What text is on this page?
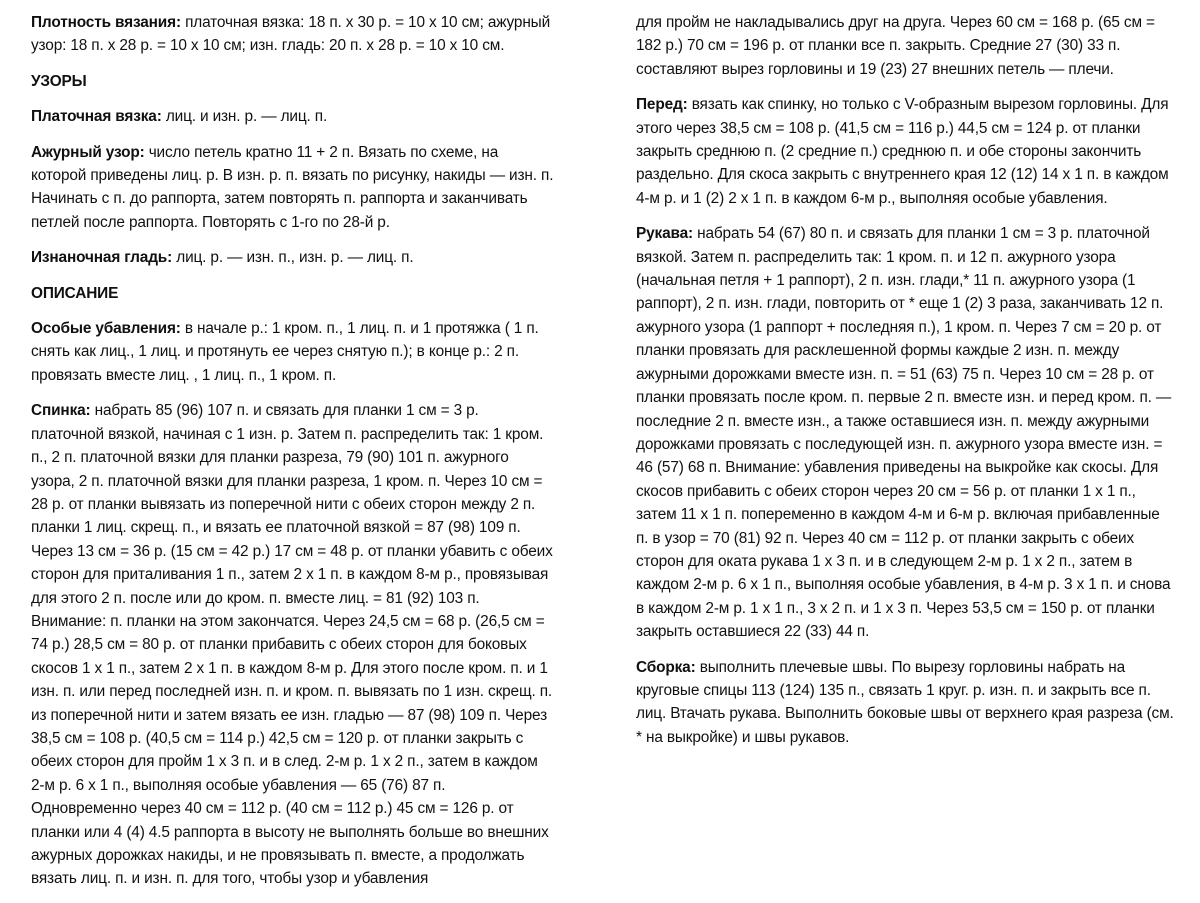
Плотность вязания: платочная вязка: 18 п. х 30 р. = 10 х 10 см; ажурный узор: 18 п. х 28 р. = 10 х 10 см; изн. гладь: 20 п. х 28 р. = 10 х 10 см.

УЗОРЫ

Платочная вязка: лиц. и изн. р. — лиц. п.

Ажурный узор: число петель кратно 11 + 2 п. Вязать по схеме, на которой приведены лиц. р. В изн. р. п. вязать по рисунку, накиды — изн. п. Начинать с п. до раппорта, затем повторять п. раппорта и заканчивать петлей после раппорта. Повторять с 1-го по 28-й р.

Изнаночная гладь: лиц. р. — изн. п., изн. р. — лиц. п.

ОПИСАНИЕ

Особые убавления: в начале р.: 1 кром. п., 1 лиц. п. и 1 протяжка ( 1 п. снять как лиц., 1 лиц. и протянуть ее через снятую п.); в конце р.: 2 п. провязать вместе лиц. , 1 лиц. п., 1 кром. п.

Спинка: набрать 85 (96) 107 п. и связать для планки 1 см = 3 р. платочной вязкой, начиная с 1 изн. р. Затем п. распределить так: 1 кром. п., 2 п. платочной вязки для планки разреза, 79 (90) 101 п. ажурного узора, 2 п. платочной вязки для планки разреза, 1 кром. п. Через 10 см = 28 р. от планки вывязать из поперечной нити с обеих сторон между 2 п. планки 1 лиц. скрещ. п., и вязать ее платочной вязкой = 87 (98) 109 п. Через 13 см = 36 р. (15 см = 42 р.) 17 см = 48 р. от планки убавить с обеих сторон для приталивания 1 п., затем 2 х 1 п. в каждом 8-м р., провязывая для этого 2 п. после или до кром. п. вместе лиц. = 81 (92) 103 п. Внимание: п. планки на этом закончатся. Через 24,5 см = 68 р. (26,5 см = 74 р.) 28,5 см = 80 р. от планки прибавить с обеих сторон для боковых скосов 1 х 1 п., затем 2 х 1 п. в каждом 8-м р. Для этого после кром. п. и 1 изн. п. или перед последней изн. п. и кром. п. вывязать по 1 изн. скрещ. п. из поперечной нити и затем вязать ее изн. гладью — 87 (98) 109 п. Через 38,5 см = 108 р. (40,5 см = 114 р.) 42,5 см = 120 р. от планки закрыть с обеих сторон для пройм 1 х 3 п. и в след. 2-м р. 1 х 2 п., затем в каждом 2-м р. 6 х 1 п., выполняя особые убавления — 65 (76) 87 п. Одновременно через 40 см = 112 р. (40 см = 112 р.) 45 см = 126 р. от планки или 4 (4) 4.5 раппорта в высоту не выполнять больше во внешних ажурных дорожках накиды, и не провязывать п. вместе, а продолжать вязать лиц. п. и изн. п. для того, чтобы узор и убавления

для пройм не накладывались друг на друга. Через 60 см = 168 р. (65 см = 182 р.) 70 см = 196 р. от планки все п. закрыть. Средние 27 (30) 33 п. составляют вырез горловины и 19 (23) 27 внешних петель — плечи.

Перед: вязать как спинку, но только с V-образным вырезом горловины. Для этого через 38,5 см = 108 р. (41,5 см = 116 р.) 44,5 см = 124 р. от планки закрыть среднюю п. (2 средние п.) среднюю п. и обе стороны закончить раздельно. Для скоса закрыть с внутреннего края 12 (12) 14 х 1 п. в каждом 4-м р. и 1 (2) 2 х 1 п. в каждом 6-м р., выполняя особые убавления.

Рукава: набрать 54 (67) 80 п. и связать для планки 1 см = 3 р. платочной вязкой. Затем п. распределить так: 1 кром. п. и 12 п. ажурного узора (начальная петля + 1 раппорт), 2 п. изн. глади,* 11 п. ажурного узора (1 раппорт), 2 п. изн. глади, повторить от * еще 1 (2) 3 раза, заканчивать 12 п. ажурного узора (1 раппорт + последняя п.), 1 кром. п. Через 7 см = 20 р. от планки провязать для расклешенной формы каждые 2 изн. п. между ажурными дорожками вместе изн. п. = 51 (63) 75 п. Через 10 см = 28 р. от планки провязать после кром. п. первые 2 п. вместе изн. и перед кром. п. — последние 2 п. вместе изн., а также оставшиеся изн. п. между ажурными дорожками провязать с последующей изн. п. ажурного узора вместе изн. = 46 (57) 68 п. Внимание: убавления приведены на выкройке как скосы. Для скосов прибавить с обеих сторон через 20 см = 56 р. от планки 1 х 1 п., затем 11 х 1 п. попеременно в каждом 4-м и 6-м р. включая прибавленные п. в узор = 70 (81) 92 п. Через 40 см = 112 р. от планки закрыть с обеих сторон для оката рукава 1 х 3 п. и в следующем 2-м р. 1 х 2 п., затем в каждом 2-м р. 6 х 1 п., выполняя особые убавления, в 4-м р. 3 х 1 п. и снова в каждом 2-м р. 1 х 1 п., 3 х 2 п. и 1 х 3 п. Через 53,5 см = 150 р. от планки закрыть оставшиеся 22 (33) 44 п.

Сборка: выполнить плечевые швы. По вырезу горловины набрать на круговые спицы 113 (124) 135 п., связать 1 круг. р. изн. п. и закрыть все п. лиц. Втачать рукава. Выполнить боковые швы от верхнего края разреза (см. * на выкройке) и швы рукавов.
